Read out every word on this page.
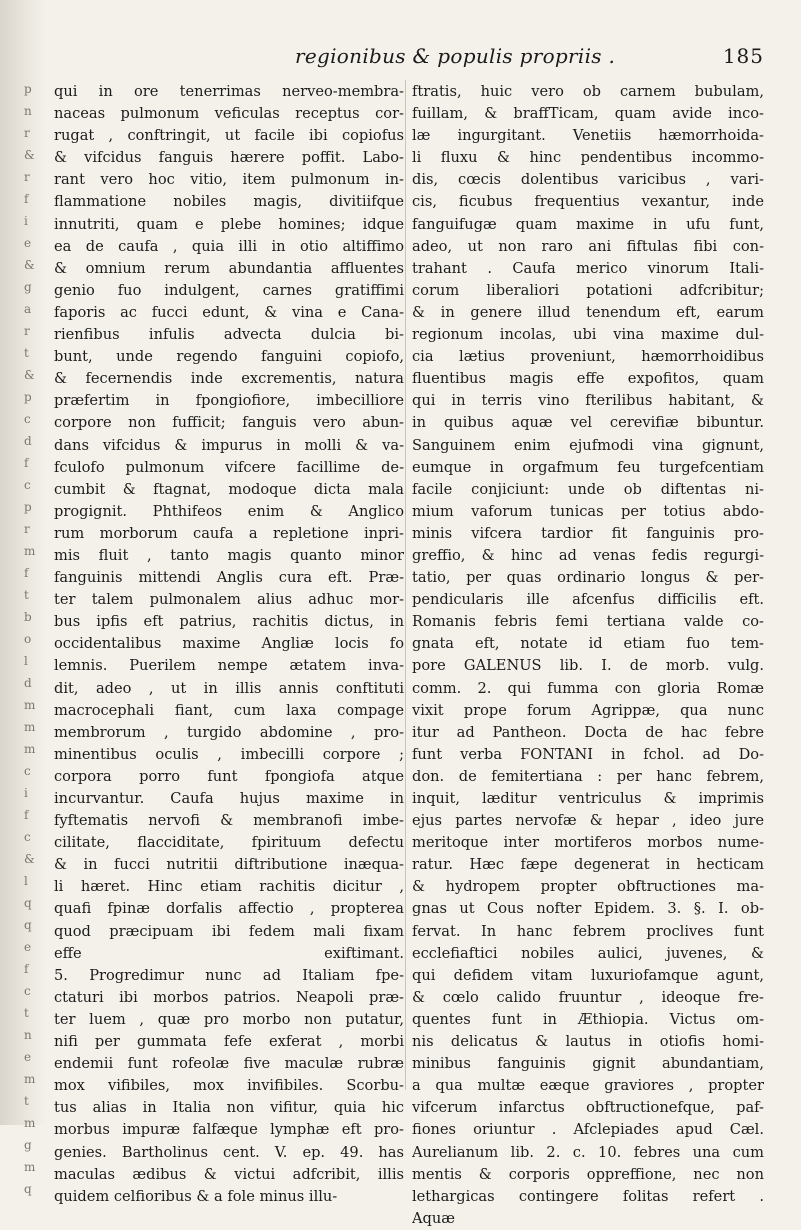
p
n
r
&
r
f
i
e
&
g
a
r
t
&
p
c
d
f
c
p
r
m
f
t
b
o
l
d
m
m
m
c
i
f
c
&
l
q
q
e
f
c
t
n
e
m
t
m
g
m
q
regionibus & populis propriis .	185
qui in ore tenerrimas nerveo-membra-
naceas pulmonum veficulas receptus cor-
rugat , conftringit, ut facile ibi copiofus
& vifcidus fanguis hærere poffit. Labo-
rant vero hoc vitio, item pulmonum in-
flammatione nobiles magis, divitiifque
innutriti, quam e plebe homines; idque
ea de caufa , quia illi in otio altiffimo
& omnium rerum abundantia affluentes
genio fuo indulgent, carnes gratiffimi
faporis ac fucci edunt, & vina e Cana-
rienfibus infulis advecta dulcia bi-
bunt, unde regendo fanguini copiofo,
& fecernendis inde excrementis, natura
præfertim in fpongiofiore, imbecilliore
corpore non fufficit; fanguis vero abun-
dans vifcidus & impurus in molli & va-
fculofo pulmonum vifcere facillime de-
cumbit & ftagnat, modoque dicta mala
progignit. Phthifeos enim & Anglico
rum morborum caufa a repletione inpri-
mis fluit , tanto magis quanto minor
fanguinis mittendi Anglis cura eft. Præ-
ter talem pulmonalem alius adhuc mor-
bus ipfis eft patrius, rachitis dictus, in
occidentalibus maxime Angliæ locis fo
lemnis. Puerilem nempe ætatem inva-
dit, adeo , ut in illis annis conftituti
macrocephali fiant, cum laxa compage
membrorum , turgido abdomine , pro-
minentibus oculis , imbecilli corpore ;
corpora porro funt fpongiofa atque
incurvantur. Caufa hujus maxime in
fyftematis nervofi & membranofi imbe-
cilitate, flacciditate, fpirituum defectu
& in fucci nutritii diftributione inæqua-
li hæret. Hinc etiam rachitis dicitur ,
quafi fpinæ dorfalis affectio , propterea
quod præcipuam ibi fedem mali fixam
effe exiftimant.
5. Progredimur nunc ad Italiam fpe-
ctaturi ibi morbos patrios. Neapoli præ-
ter luem , quæ pro morbo non putatur,
nifi per gummata fefe exferat , morbi
endemii funt rofeolæ five maculæ rubræ
mox vifibiles, mox invifibiles. Scorbu-
tus alias in Italia non vifitur, quia hic
morbus impuræ falfæque lymphæ eft pro-
genies. Bartholinus cent. V. ep. 49. has
maculas ædibus & victui adfcribit, illis
quidem celfioribus & a fole minus illu-
ftratis, huic vero ob carnem bubulam,
fuillam, & braffTicam, quam avide inco-
læ ingurgitant. Venetiis hæmorrhoida-
li fluxu & hinc pendentibus incommo-
dis, cœcis dolentibus varicibus , vari-
cis, ficubus frequentius vexantur, inde
fanguifugæ quam maxime in ufu funt,
adeo, ut non raro ani fiftulas fibi con-
trahant . Caufa merico vinorum Itali-
corum liberaliori potationi adfcribitur;
& in genere illud tenendum eft, earum
regionum incolas, ubi vina maxime dul-
cia lætius proveniunt, hæmorrhoidibus
fluentibus magis effe expofitos, quam
qui in terris vino fterilibus habitant, &
in quibus aquæ vel cerevifiæ bibuntur.
Sanguinem enim ejufmodi vina gignunt,
eumque in orgafmum feu turgefcentiam
facile conjiciunt: unde ob diftentas ni-
mium vaforum tunicas per totius abdo-
minis vifcera tardior fit fanguinis pro-
greffio, & hinc ad venas fedis regurgi-
tatio, per quas ordinario longus & per-
pendicularis ille afcenfus difficilis eft.
Romanis febris femi tertiana valde co-
gnata eft, notate id etiam fuo tem-
pore GALENUS lib. I. de morb. vulg.
comm. 2. qui fumma con gloria Romæ
vixit prope forum Agrippæ, qua nunc
itur ad Pantheon. Docta de hac febre
funt verba FONTANI in fchol. ad Do-
don. de femitertiana : per hanc febrem,
inquit, læditur ventriculus & imprimis
ejus partes nervofæ & hepar , ideo jure
meritoque inter mortiferos morbos nume-
ratur. Hæc fæpe degenerat in hecticam
& hydropem propter obftructiones ma-
gnas ut Cous nofter Epidem. 3. §. I. ob-
fervat. In hanc febrem proclives funt
ecclefiaftici nobiles aulici, juvenes, &
qui defidem vitam luxuriofamque agunt,
& cœlo calido fruuntur , ideoque fre-
quentes funt in Æthiopia. Victus om-
nis delicatus & lautus in otiofis homi-
minibus fanguinis gignit abundantiam,
a qua multæ eæque graviores , propter
vifcerum infarctus obftructionefque, paf-
fiones oriuntur . Afclepiades apud Cæl.
Aurelianum lib. 2. c. 10. febres una cum
mentis & corporis oppreffione, nec non
lethargicas contingere folitas refert .
Aquæ
